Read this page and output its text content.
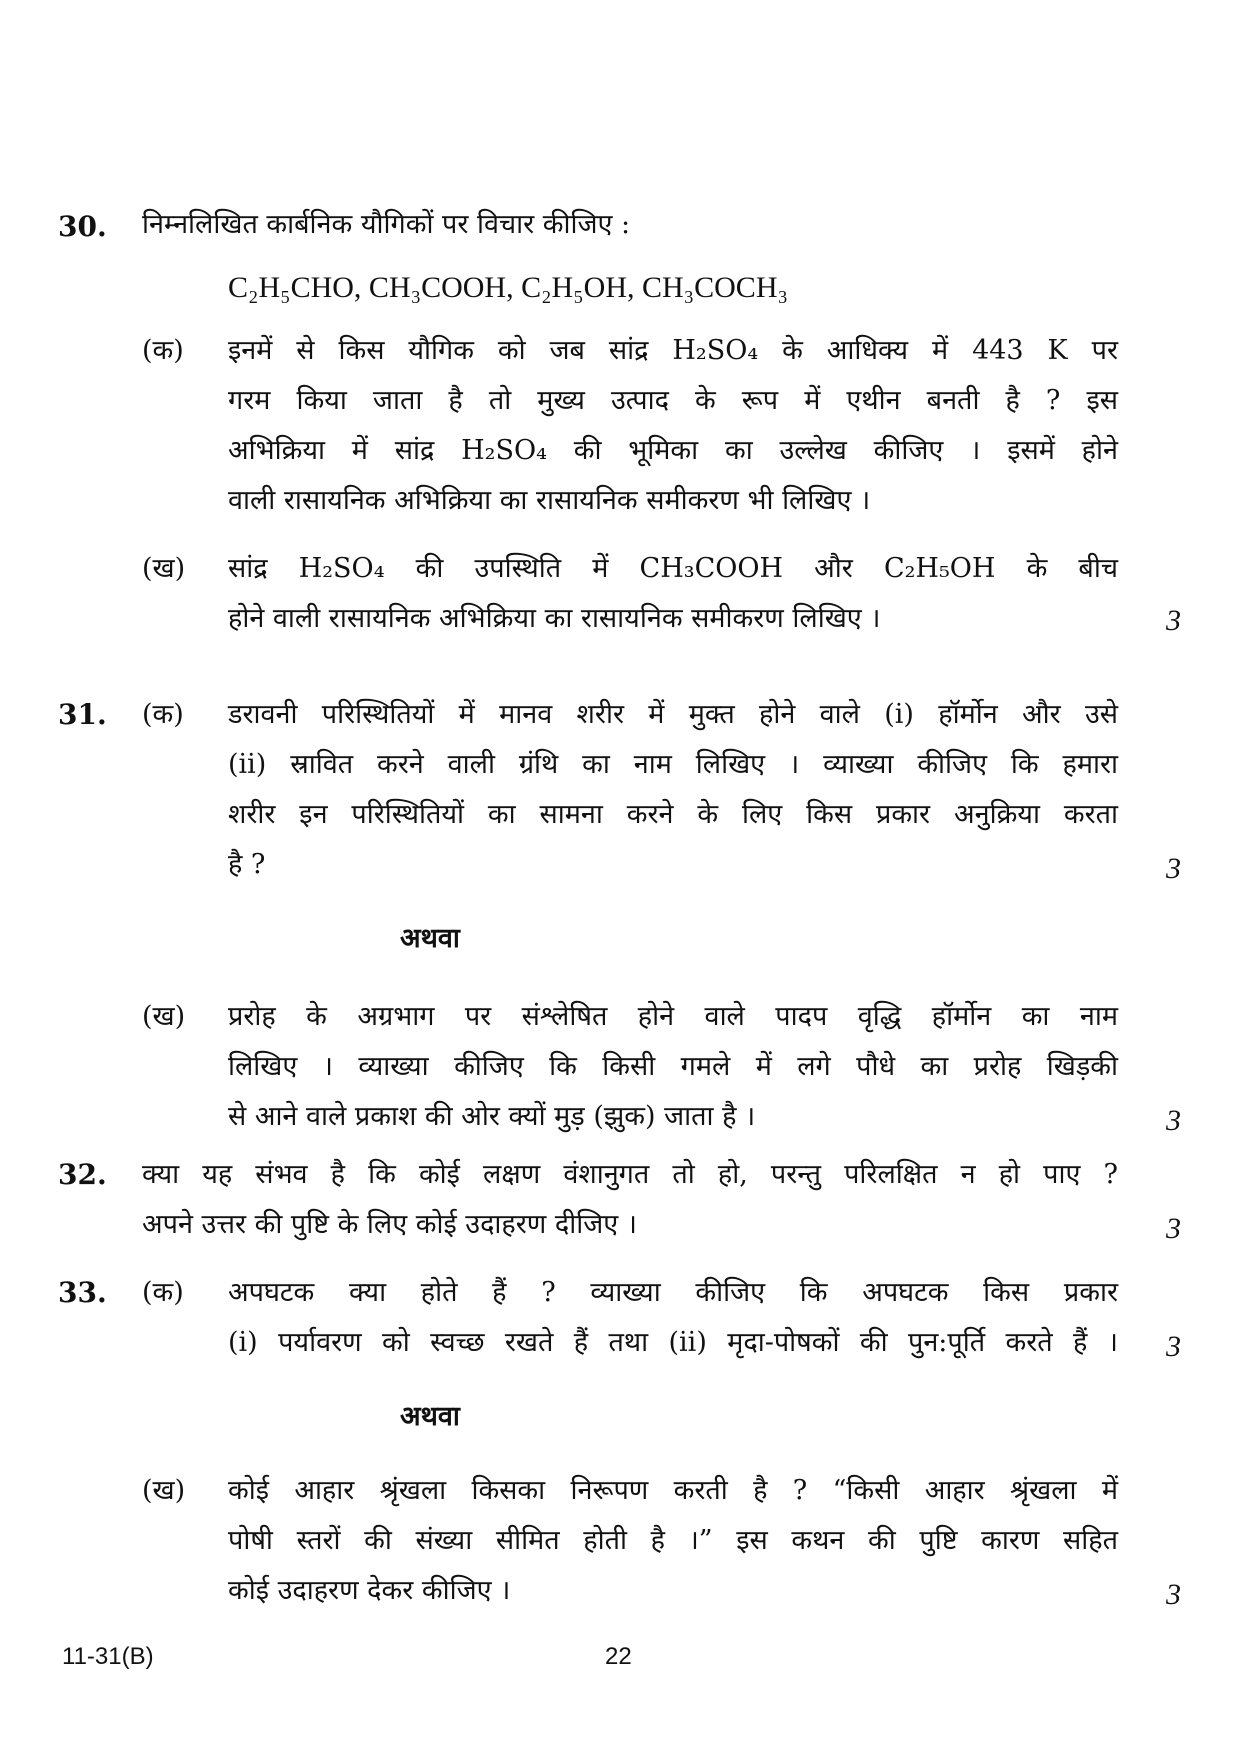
30. निम्नलिखित कार्बनिक यौगिकों पर विचार कीजिए :
C₂H₅CHO, CH₃COOH, C₂H₅OH, CH₃COCH₃
(क) इनमें से किस यौगिक को जब सांद्र H₂SO₄ के आधिक्य में 443 K पर
गरम किया जाता है तो मुख्य उत्पाद के रूप में एथीन बनती है ? इस
अभिक्रिया में सांद्र H₂SO₄ की भूमिका का उल्लेख कीजिए । इसमें होने
वाली रासायनिक अभिक्रिया का रासायनिक समीकरण भी लिखिए ।
(ख) सांद्र H₂SO₄ की उपस्थिति में CH₃COOH और C₂H₅OH के बीच
होने वाली रासायनिक अभिक्रिया का रासायनिक समीकरण लिखिए ।	3
31. (क) डरावनी परिस्थितियों में मानव शरीर में मुक्त होने वाले (i) हॉर्मोन और उसे
(ii) स्रावित करने वाली ग्रंथि का नाम लिखिए । व्याख्या कीजिए कि हमारा
शरीर इन परिस्थितियों का सामना करने के लिए किस प्रकार अनुक्रिया करता
है ?	3
अथवा
(ख) प्ररोह के अग्रभाग पर संश्लेषित होने वाले पादप वृद्धि हॉर्मोन का नाम
लिखिए । व्याख्या कीजिए कि किसी गमले में लगे पौधे का प्ररोह खिड़की
से आने वाले प्रकाश की ओर क्यों मुड़ (झुक) जाता है ।	3
32. क्या यह संभव है कि कोई लक्षण वंशानुगत तो हो, परन्तु परिलक्षित न हो पाए ?
अपने उत्तर की पुष्टि के लिए कोई उदाहरण दीजिए ।	3
33. (क) अपघटक क्या होते हैं ? व्याख्या कीजिए कि अपघटक किस प्रकार
(i) पर्यावरण को स्वच्छ रखते हैं तथा (ii) मृदा-पोषकों की पुन:पूर्ति करते हैं । 3
अथवा
(ख) कोई आहार श्रृंखला किसका निरूपण करती है ? “किसी आहार श्रृंखला में
पोषी स्तरों की संख्या सीमित होती है ।” इस कथन की पुष्टि कारण सहित
कोई उदाहरण देकर कीजिए ।	3
11-31(B)	22
